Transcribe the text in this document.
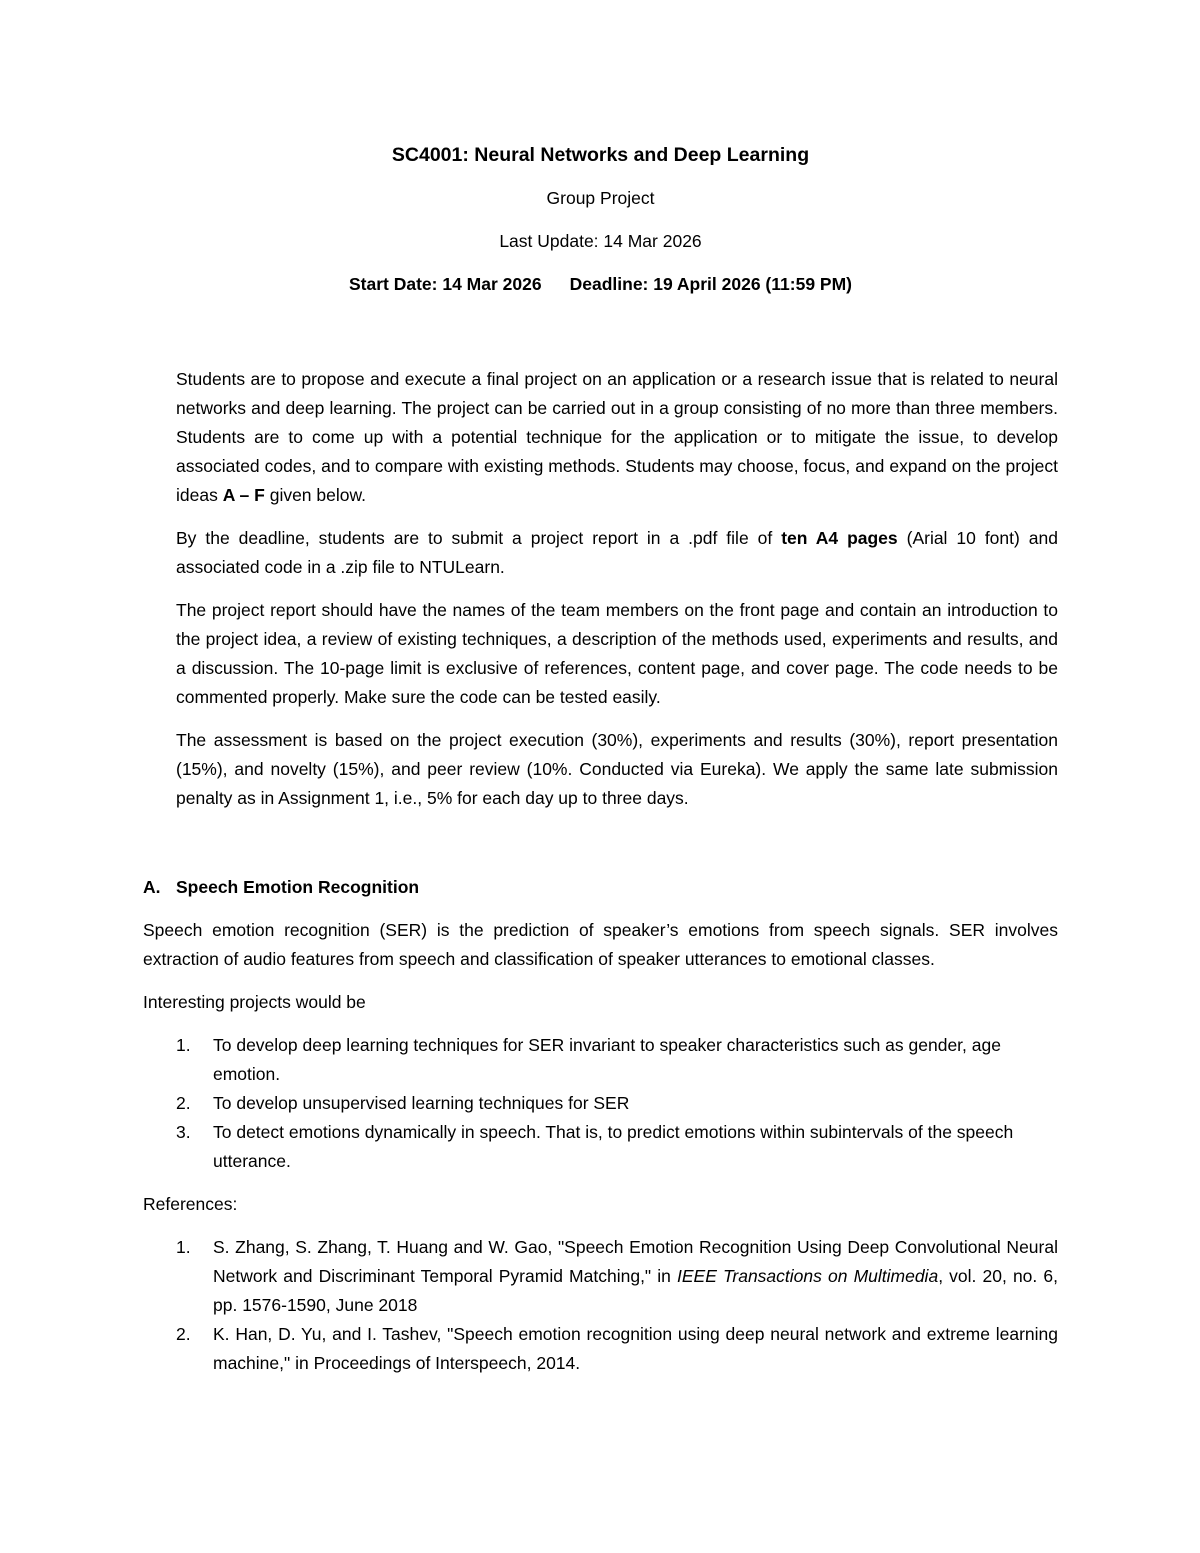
SC4001: Neural Networks and Deep Learning
Group Project
Last Update: 14 Mar 2026
Start Date: 14 Mar 2026 Deadline: 19 April 2026 (11:59 PM)

Students are to propose and execute a final project on an application or a research issue that is related to neural networks and deep learning. The project can be carried out in a group consisting of no more than three members. Students are to come up with a potential technique for the application or to mitigate the issue, to develop associated codes, and to compare with existing methods. Students may choose, focus, and expand on the project ideas A – F given below.

By the deadline, students are to submit a project report in a .pdf file of ten A4 pages (Arial 10 font) and associated code in a .zip file to NTULearn.

The project report should have the names of the team members on the front page and contain an introduction to the project idea, a review of existing techniques, a description of the methods used, experiments and results, and a discussion. The 10-page limit is exclusive of references, content page, and cover page. The code needs to be commented properly. Make sure the code can be tested easily.

The assessment is based on the project execution (30%), experiments and results (30%), report presentation (15%), and novelty (15%), and peer review (10%. Conducted via Eureka). We apply the same late submission penalty as in Assignment 1, i.e., 5% for each day up to three days.

A. Speech Emotion Recognition

Speech emotion recognition (SER) is the prediction of speaker’s emotions from speech signals. SER involves extraction of audio features from speech and classification of speaker utterances to emotional classes.

Interesting projects would be

1. To develop deep learning techniques for SER invariant to speaker characteristics such as gender, age emotion.
2. To develop unsupervised learning techniques for SER
3. To detect emotions dynamically in speech. That is, to predict emotions within subintervals of the speech utterance.

References:

1. S. Zhang, S. Zhang, T. Huang and W. Gao, "Speech Emotion Recognition Using Deep Convolutional Neural Network and Discriminant Temporal Pyramid Matching," in IEEE Transactions on Multimedia, vol. 20, no. 6, pp. 1576-1590, June 2018
2. K. Han, D. Yu, and I. Tashev, "Speech emotion recognition using deep neural network and extreme learning machine," in Proceedings of Interspeech, 2014.
